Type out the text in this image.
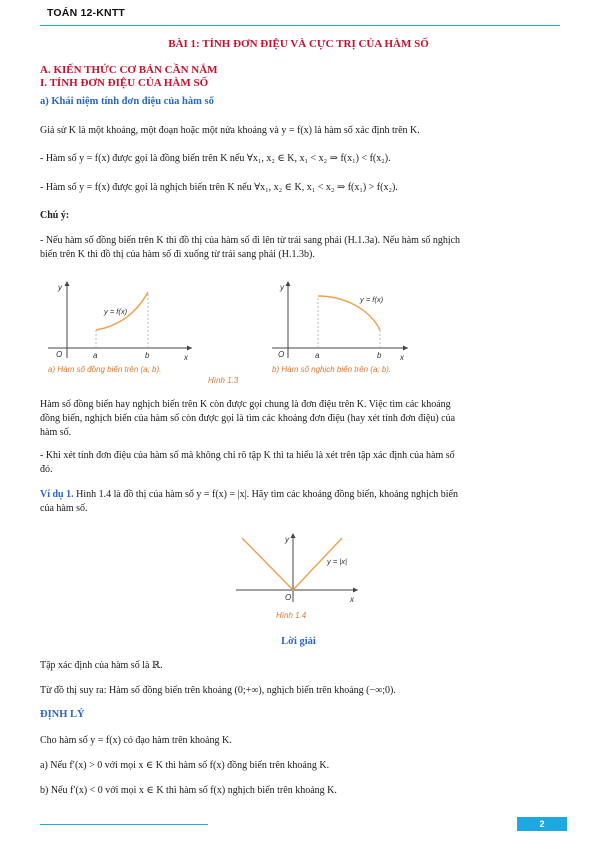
TOÁN 12-KNTT
BÀI 1: TÍNH ĐƠN ĐIỆU VÀ CỰC TRỊ CỦA HÀM SỐ
A. KIẾN THỨC CƠ BẢN CẦN NẮM
I. TÍNH ĐƠN ĐIỆU CỦA HÀM SỐ
a) Khái niệm tính đơn điệu của hàm số
Giả sử K là một khoảng, một đoạn hoặc một nửa khoảng và y = f(x) là hàm số xác định trên K.
- Hàm số y = f(x) được gọi là đồng biến trên K nếu ∀x₁, x₂ ∈ K, x₁ < x₂ ⇒ f(x₁) < f(x₂).
- Hàm số y = f(x) được gọi là nghịch biến trên K nếu ∀x₁, x₂ ∈ K, x₁ < x₂ ⇒ f(x₁) > f(x₂).
Chú ý:
- Nếu hàm số đồng biến trên K thì đồ thị của hàm số đi lên từ trái sang phải (H.1.3a). Nếu hàm số nghịch
biến trên K thì đồ thị của hàm số đi xuống từ trái sang phải (H.1.3b).
y
x
O	a	b
y = f(x)
a) Hàm số đồng biến trên (a; b).
y
x
O	a	b
y = f(x)
b) Hàm số nghịch biến trên (a; b).
Hình 1.3
Hàm số đồng biến hay nghịch biến trên K còn được gọi chung là đơn điệu trên K. Việc tìm các khoảng
đồng biến, nghịch biến của hàm số còn được gọi là tìm các khoảng đơn điệu (hay xét tính đơn điệu) của
hàm số.
- Khi xét tính đơn điệu của hàm số mà không chỉ rõ tập K thì ta hiểu là xét trên tập xác định của hàm số
đó.
Ví dụ 1. Hình 1.4 là đồ thị của hàm số y = f(x) = |x|. Hãy tìm các khoảng đồng biến, khoảng nghịch biến
của hàm số.
y
x
O
y = |x|
Hình 1.4
Lời giải
Tập xác định của hàm số là ℝ.
Từ đồ thị suy ra: Hàm số đồng biến trên khoảng (0;+∞), nghịch biến trên khoảng (−∞;0).
ĐỊNH LÝ
Cho hàm số y = f(x) có đạo hàm trên khoảng K.
a) Nếu f′(x) > 0 với mọi x ∈ K thì hàm số f(x) đồng biến trên khoảng K.
b) Nếu f′(x) < 0 với mọi x ∈ K thì hàm số f(x) nghịch biến trên khoảng K.
2
